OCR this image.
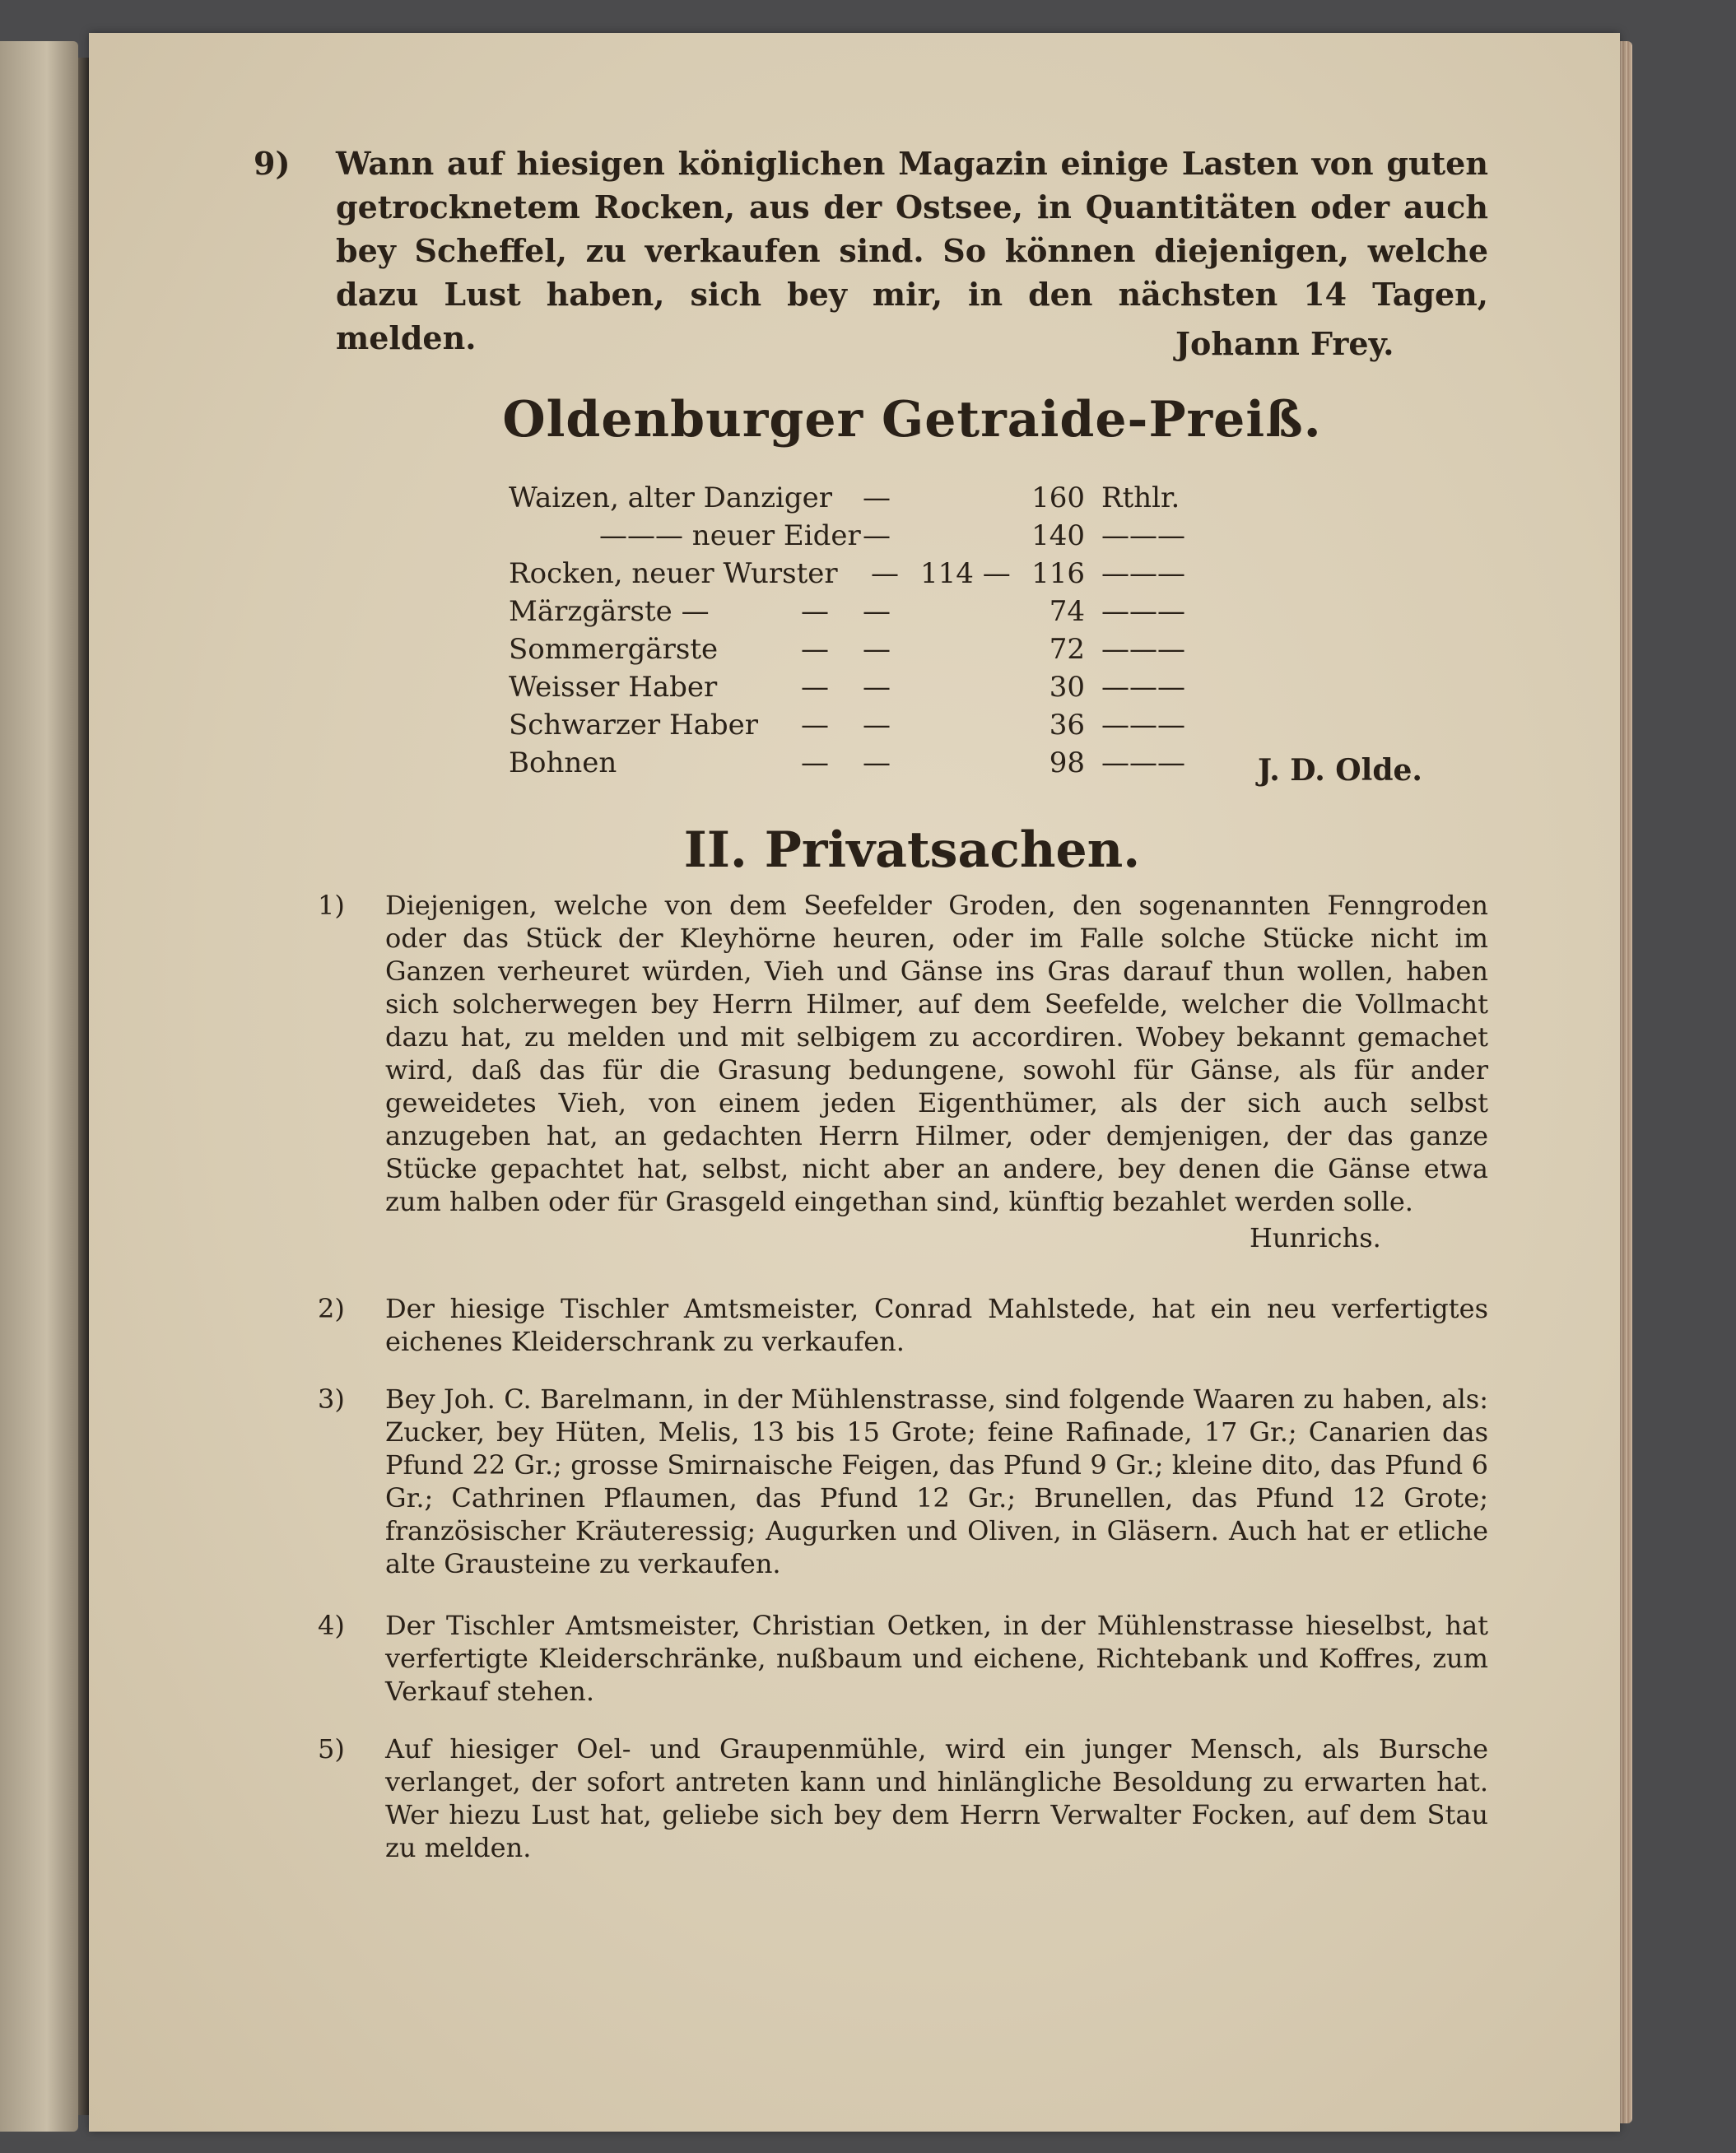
9) Wann auf hiesigen königlichen Magazin einige Lasten von guten getrocknetem Rocken, aus der Ostsee, in Quantitäten oder auch bey Scheffel, zu verkaufen sind. So können diejenigen, welche dazu Lust haben, sich bey mir, in den nächsten 14 Tagen, melden.	Johann Frey.
Oldenburger Getraide-Preiß.
Waizen, alter Danziger —	160 Rthlr.
——— neuer Eider —	140 ———
Rocken, neuer Wurster — 114 — 116 ———
Märzgärste —	— —	74 ———
Sommergärste	— —	72 ———
Weisser Haber	— —	30 ———
Schwarzer Haber — —	36 ———
Bohnen	— —	98 ——— J. D. Olde.
II. Privatsachen.
1) Diejenigen, welche von dem Seefelder Groden, den sogenannten Fenngroden oder das Stück der Kleyhörne heuren, oder im Falle solche Stücke nicht im Ganzen verheuret würden, Vieh und Gänse ins Gras darauf thun wollen, haben sich solcherwegen bey Herrn Hilmer, auf dem Seefelde, welcher die Vollmacht dazu hat, zu melden und mit selbigem zu accordiren. Wobey bekannt gemachet wird, daß das für die Grasung bedungene, sowohl für Gänse, als für ander geweidetes Vieh, von einem jeden Eigenthümer, als der sich auch selbst anzugeben hat, an gedachten Herrn Hilmer, oder demjenigen, der das ganze Stücke gepachtet hat, selbst, nicht aber an andere, bey denen die Gänse etwa zum halben oder für Grasgeld eingethan sind, künftig bezahlet werden solle.
Hunrichs.
2) Der hiesige Tischler Amtsmeister, Conrad Mahlstede, hat ein neu verfertigtes eichenes Kleiderschrank zu verkaufen.
3) Bey Joh. C. Barelmann, in der Mühlenstrasse, sind folgende Waaren zu haben, als: Zucker, bey Hüten, Melis, 13 bis 15 Grote; feine Rafinade, 17 Gr.; Canarien das Pfund 22 Gr.; grosse Smirnaische Feigen, das Pfund 9 Gr.; kleine dito, das Pfund 6 Gr.; Cathrinen Pflaumen, das Pfund 12 Gr.; Brunellen, das Pfund 12 Grote; französischer Kräuteressig; Augurken und Oliven, in Gläsern. Auch hat er etliche alte Grausteine zu verkaufen.
4) Der Tischler Amtsmeister, Christian Oetken, in der Mühlenstrasse hieselbst, hat verfertigte Kleiderschränke, nußbaum und eichene, Richtebank und Koffres, zum Verkauf stehen.
5) Auf hiesiger Oel- und Graupenmühle, wird ein junger Mensch, als Bursche verlanget, der sofort antreten kann und hinlängliche Besoldung zu erwarten hat. Wer hiezu Lust hat, geliebe sich bey dem Herrn Verwalter Focken, auf dem Stau zu melden.
